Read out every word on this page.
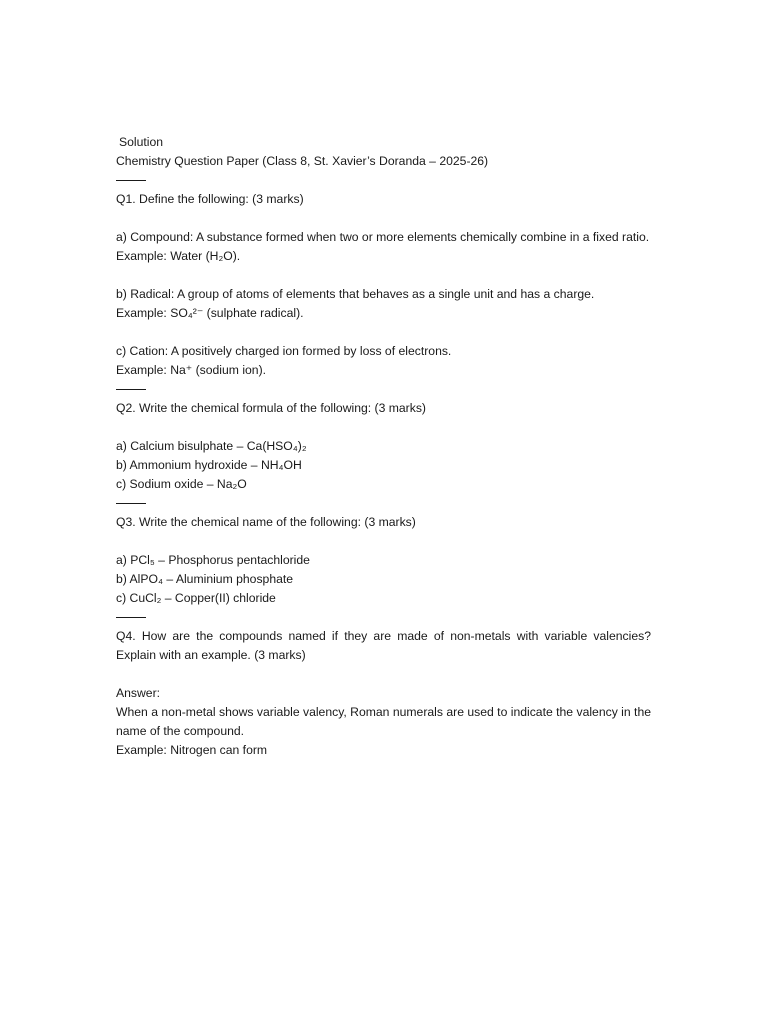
Solution

Chemistry Question Paper (Class 8, St. Xavier’s Doranda – 2025-26)

Q1. Define the following: (3 marks)

a) Compound: A substance formed when two or more elements chemically combine in a fixed ratio.

Example: Water (H₂O).

b) Radical: A group of atoms of elements that behaves as a single unit and has a charge.

Example: SO₄²⁻ (sulphate radical).

c) Cation: A positively charged ion formed by loss of electrons.

Example: Na⁺ (sodium ion).

Q2. Write the chemical formula of the following: (3 marks)

a) Calcium bisulphate – Ca(HSO₄)₂

b) Ammonium hydroxide – NH₄OH

c) Sodium oxide – Na₂O

Q3. Write the chemical name of the following: (3 marks)

a) PCl₅ – Phosphorus pentachloride

b) AlPO₄ – Aluminium phosphate

c) CuCl₂ – Copper(II) chloride

Q4. How are the compounds named if they are made of non-metals with variable valencies? Explain with an example. (3 marks)

Answer:

When a non-metal shows variable valency, Roman numerals are used to indicate the valency in the name of the compound.

Example: Nitrogen can form
